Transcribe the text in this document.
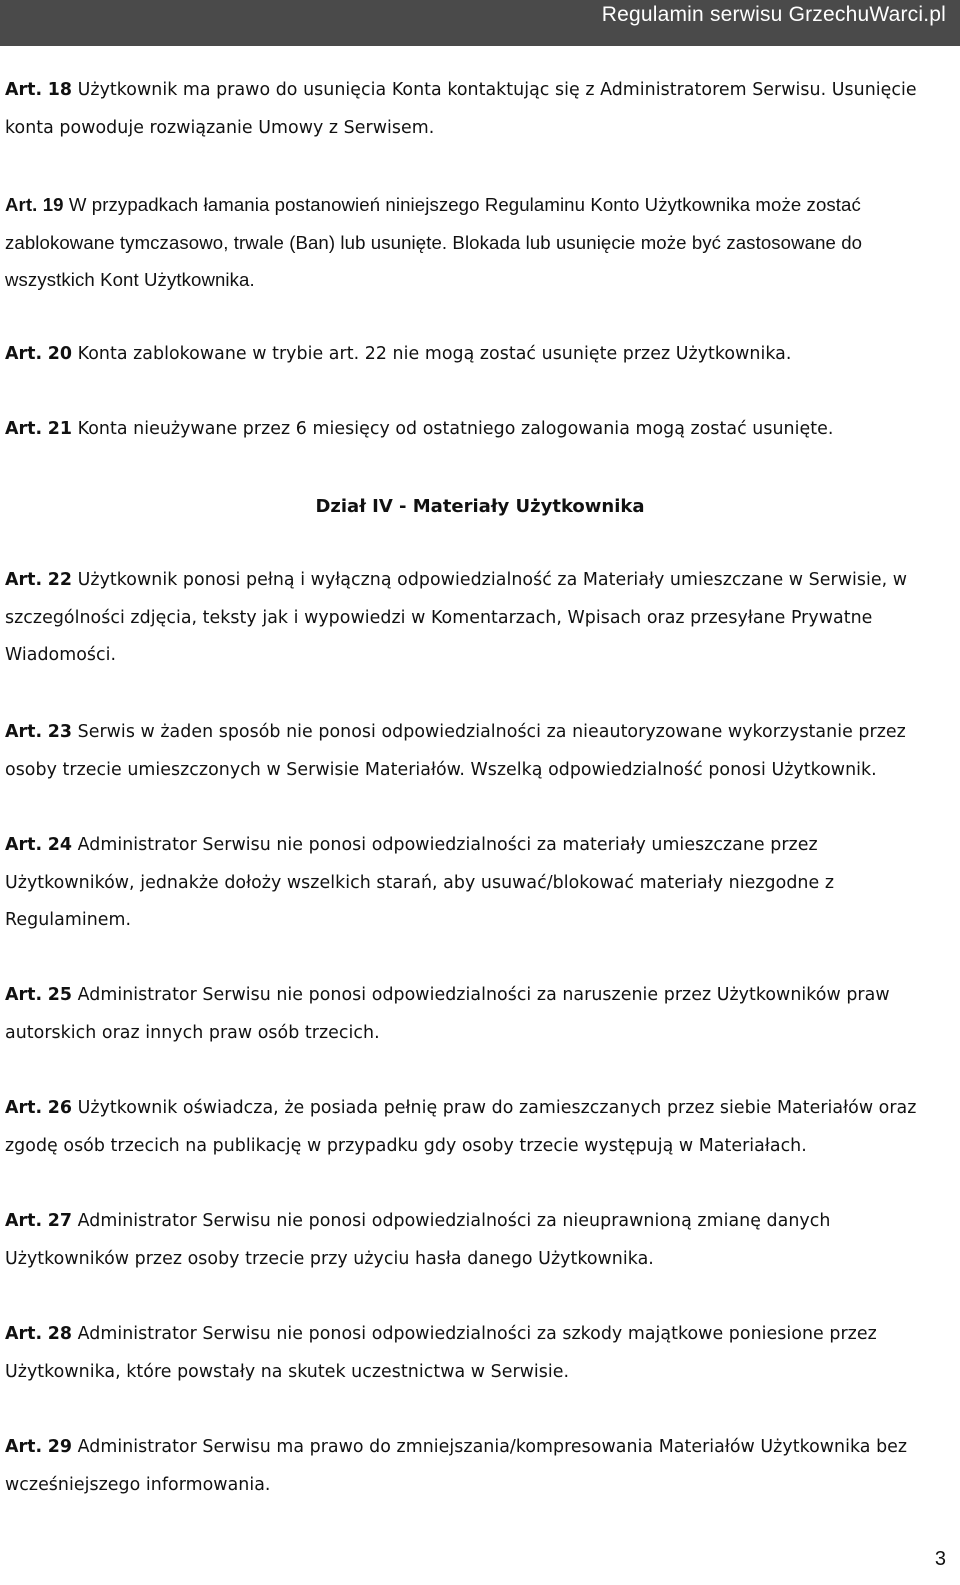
Regulamin serwisu GrzechuWarci.pl

Art. 18 Użytkownik ma prawo do usunięcia Konta kontaktując się z Administratorem Serwisu. Usunięcie konta powoduje rozwiązanie Umowy z Serwisem.

Art. 19 W przypadkach łamania postanowień niniejszego Regulaminu Konto Użytkownika może zostać zablokowane tymczasowo, trwale (Ban) lub usunięte. Blokada lub usunięcie może być zastosowane do wszystkich Kont Użytkownika.

Art. 20 Konta zablokowane w trybie art. 22 nie mogą zostać usunięte przez Użytkownika.

Art. 21 Konta nieużywane przez 6 miesięcy od ostatniego zalogowania mogą zostać usunięte.

Dział IV - Materiały Użytkownika

Art. 22 Użytkownik ponosi pełną i wyłączną odpowiedzialność za Materiały umieszczane w Serwisie, w szczególności zdjęcia, teksty jak i wypowiedzi w Komentarzach, Wpisach oraz przesyłane Prywatne Wiadomości.

Art. 23 Serwis w żaden sposób nie ponosi odpowiedzialności za nieautoryzowane wykorzystanie przez osoby trzecie umieszczonych w Serwisie Materiałów. Wszelką odpowiedzialność ponosi Użytkownik.

Art. 24 Administrator Serwisu nie ponosi odpowiedzialności za materiały umieszczane przez Użytkowników, jednakże dołoży wszelkich starań, aby usuwać/blokować materiały niezgodne z Regulaminem.

Art. 25 Administrator Serwisu nie ponosi odpowiedzialności za naruszenie przez Użytkowników praw autorskich oraz innych praw osób trzecich.

Art. 26 Użytkownik oświadcza, że posiada pełnię praw do zamieszczanych przez siebie Materiałów oraz zgodę osób trzecich na publikację w przypadku gdy osoby trzecie występują w Materiałach.

Art. 27 Administrator Serwisu nie ponosi odpowiedzialności za nieuprawnioną zmianę danych Użytkowników przez osoby trzecie przy użyciu hasła danego Użytkownika.

Art. 28 Administrator Serwisu nie ponosi odpowiedzialności za szkody majątkowe poniesione przez Użytkownika, które powstały na skutek uczestnictwa w Serwisie.

Art. 29 Administrator Serwisu ma prawo do zmniejszania/kompresowania Materiałów Użytkownika bez wcześniejszego informowania.

3
